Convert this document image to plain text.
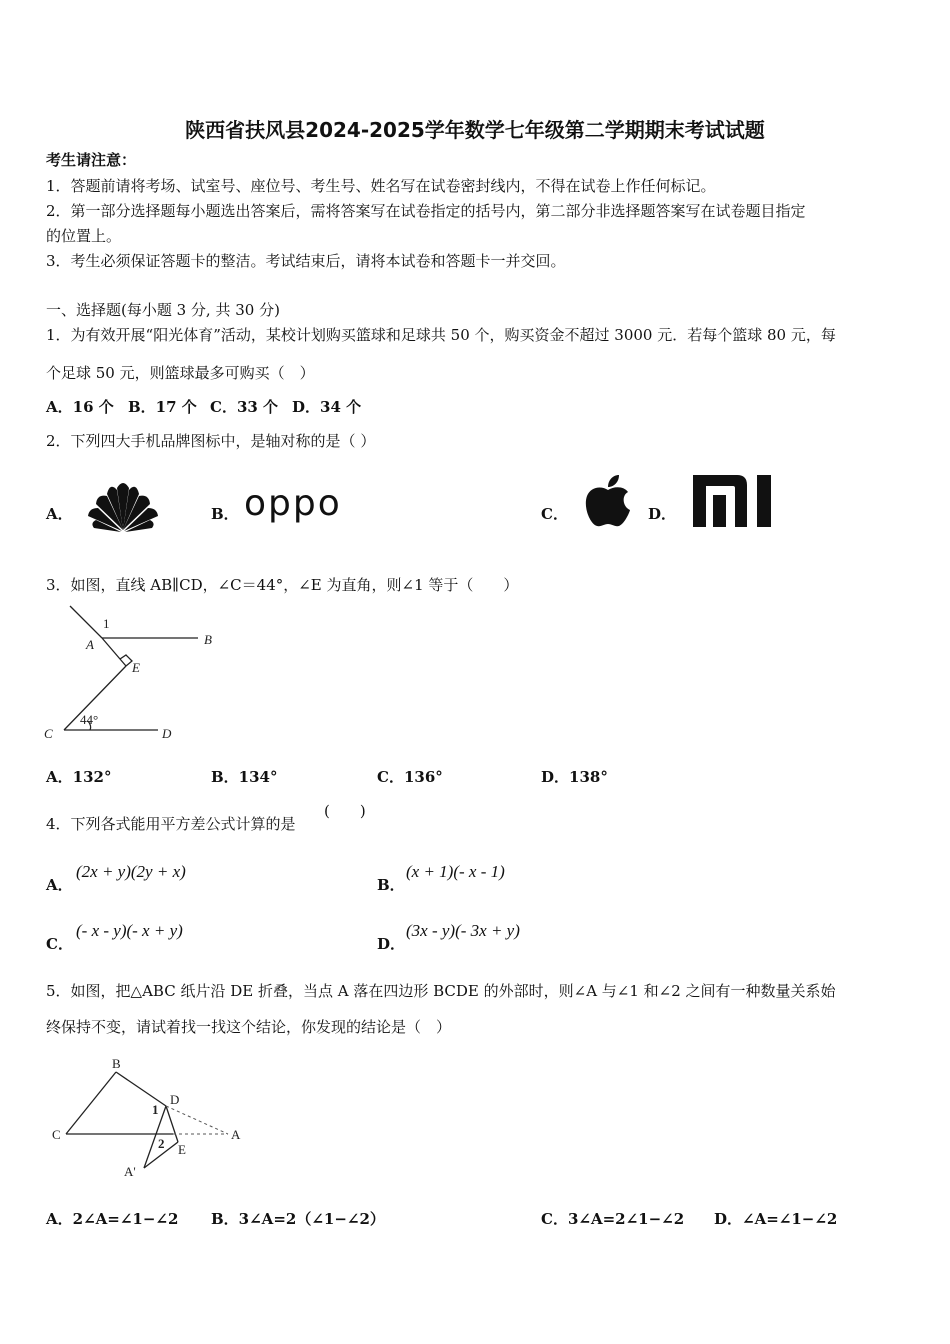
陕西省扶风县2024-2025学年数学七年级第二学期期末考试试题
考生请注意：
1．答题前请将考场、试室号、座位号、考生号、姓名写在试卷密封线内，不得在试卷上作任何标记。
2．第一部分选择题每小题选出答案后，需将答案写在试卷指定的括号内，第二部分非选择题答案写在试卷题目指定
的位置上。
3．考生必须保证答题卡的整洁。考试结束后，请将本试卷和答题卡一并交回。
一、选择题(每小题 3 分, 共 30 分)
1．为有效开展“阳光体育”活动，某校计划购买篮球和足球共 50 个，购买资金不超过 3000 元．若每个篮球 80 元，每
个足球 50 元，则篮球最多可购买（　）
A．16 个 B．17 个 C．33 个 D．34 个
2．下列四大手机品牌图标中，是轴对称的是（ ）
A．	B．	C．	D．
oppo
3．如图，直线 AB∥CD，∠C＝44°，∠E 为直角，则∠1 等于（　　）
1
A	B
E
C	D
44°
A．132°	B．134°	C．136°	D．138°
4．下列各式能用平方差公式计算的是
(　　)
A．
(2x + y)(2y + x)
B．
(x + 1)(- x - 1)
C．
(- x - y)(- x + y)
D．
(3x - y)(- 3x + y)
5．如图，把△ABC 纸片沿 DE 折叠，当点 A 落在四边形 BCDE 的外部时，则∠A 与∠1 和∠2 之间有一种数量关系始
终保持不变，请试着找一找这个结论，你发现的结论是（　）
B
C
D
A
E
A'
1
2
A．2∠A=∠1−∠2 B．3∠A=2（∠1−∠2）	C．3∠A=2∠1−∠2 D．∠A=∠1−∠2
